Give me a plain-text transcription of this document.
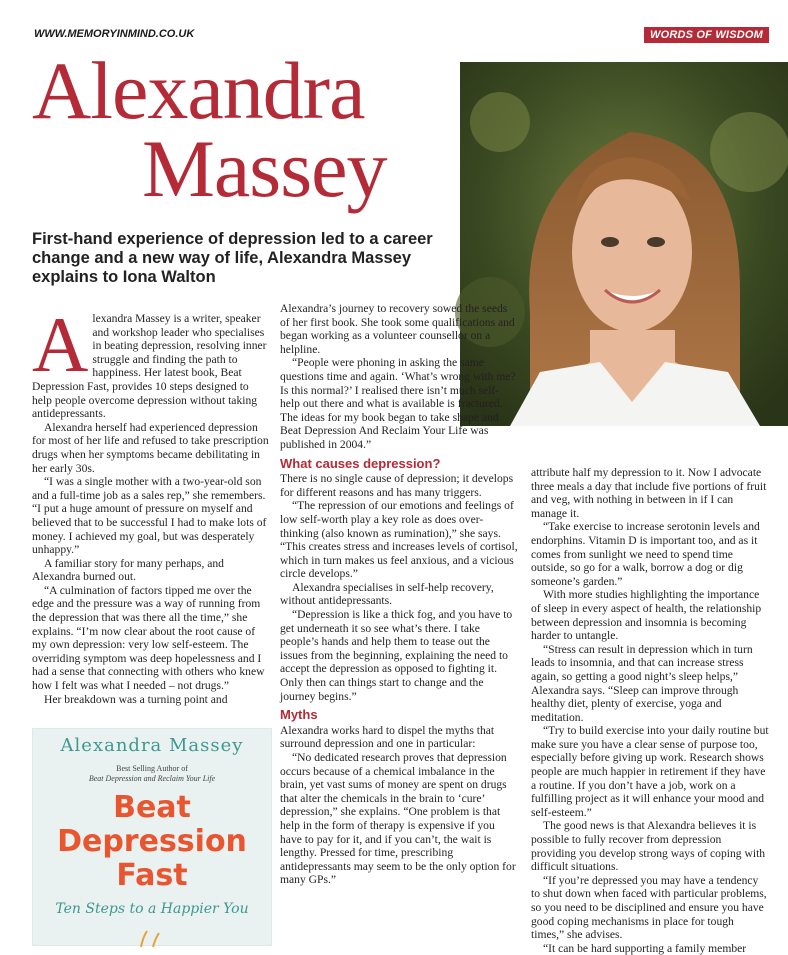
WWW.MEMORYINMIND.CO.UK	WORDS OF WISDOM
Alexandra

Massey
First-hand experience of depression led to a career change and a new way of life, Alexandra Massey explains to Iona Walton
A lexandra Massey is a writer, speaker and workshop leader who specialises in beating depression, resolving inner struggle and finding the path to happiness. Her latest book, Beat Depression Fast, provides 10 steps designed to help people overcome depression without taking antidepressants.

Alexandra herself had experienced depression for most of her life and refused to take prescription drugs when her symptoms became debilitating in her early 30s.

“I was a single mother with a two-year-old son and a full-time job as a sales rep,” she remembers. “I put a huge amount of pressure on myself and believed that to be successful I had to make lots of money. I achieved my goal, but was desperately unhappy.”

A familiar story for many perhaps, and Alexandra burned out.

“A culmination of factors tipped me over the edge and the pressure was a way of running from the depression that was there all the time,” she explains. “I’m now clear about the root cause of my own depression: very low self-esteem. The overriding symptom was deep hopelessness and I had a sense that connecting with others who knew how I felt was what I needed – not drugs.”

Her breakdown was a turning point and

Alexandra’s journey to recovery sowed the seeds of her first book. She took some qualifications and began working as a volunteer counsellor on a helpline.

“People were phoning in asking the same questions time and again. ‘What’s wrong with me? Is this normal?’ I realised there isn’t much self-help out there and what is available is fractured. The ideas for my book began to take shape and Beat Depression And Reclaim Your Life was published in 2004.”

What causes depression?

There is no single cause of depression; it develops for different reasons and has many triggers.

“The repression of our emotions and feelings of low self-worth play a key role as does over-thinking (also known as rumination),” she says. “This creates stress and increases levels of cortisol, which in turn makes us feel anxious, and a vicious circle develops.”

Alexandra specialises in self-help recovery, without antidepressants.

“Depression is like a thick fog, and you have to get underneath it so see what’s there. I take people’s hands and help them to tease out the issues from the beginning, explaining the need to accept the depression as opposed to fighting it. Only then can things start to change and the journey begins.”

Myths

Alexandra works hard to dispel the myths that surround depression and one in particular:

“No dedicated research proves that depression occurs because of a chemical imbalance in the brain, yet vast sums of money are spent on drugs that alter the chemicals in the brain to ‘cure’ depression,” she explains. “One problem is that help in the form of therapy is expensive if you have to pay for it, and if you can’t, the wait is lengthy. Pressed for time, prescribing antidepressants may seem to be the only option for many GPs.”

attribute half my depression to it. Now I advocate three meals a day that include five portions of fruit and veg, with nothing in between in if I can manage it.

“Take exercise to increase serotonin levels and endorphins. Vitamin D is important too, and as it comes from sunlight we need to spend time outside, so go for a walk, borrow a dog or dig someone’s garden.”

With more studies highlighting the importance of sleep in every aspect of health, the relationship between depression and insomnia is becoming harder to untangle.

“Stress can result in depression which in turn leads to insomnia, and that can increase stress again, so getting a good night’s sleep helps,” Alexandra says. “Sleep can improve through healthy diet, plenty of exercise, yoga and meditation.

“Try to build exercise into your daily routine but make sure you have a clear sense of purpose too, especially before giving up work. Research shows people are much happier in retirement if they have a routine. If you don’t have a job, work on a fulfilling project as it will enhance your mood and self-esteem.”

The good news is that Alexandra believes it is possible to fully recover from depression providing you develop strong ways of coping with difficult situations.

“If you’re depressed you may have a tendency to shut down when faced with particular problems, so you need to be disciplined and ensure you have good coping mechanisms in place for tough times,” she advises.

“It can be hard supporting a family member

Alexandra Massey
Best Selling Author of
Beat Depression and Reclaim Your Life
Beat
Depression
Fast
Ten Steps to a Happier You
